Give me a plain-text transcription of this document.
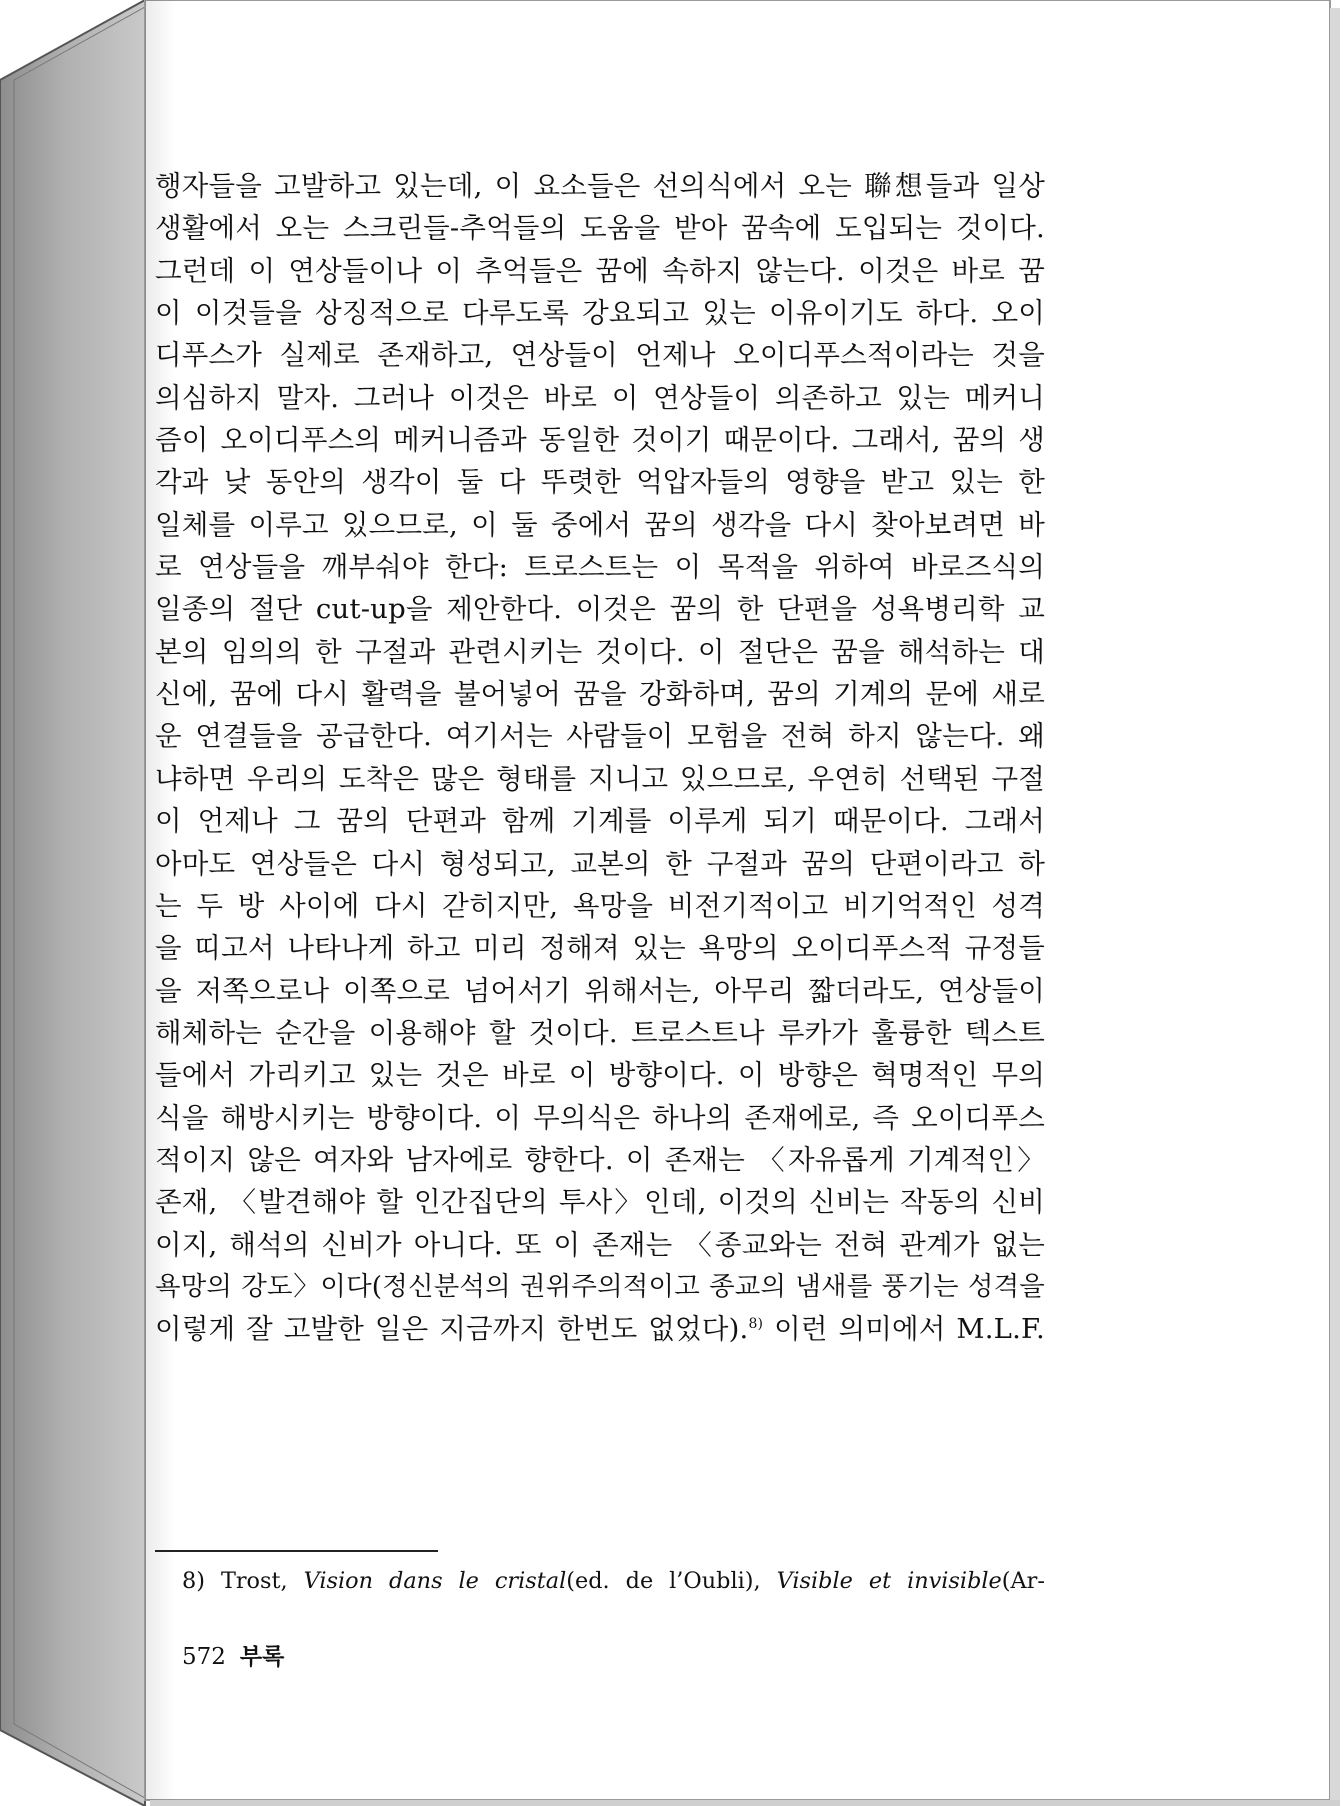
행자들을 고발하고 있는데, 이 요소들은 선의식에서 오는 聯想들과 일상
생활에서 오는 스크린들-추억들의 도움을 받아 꿈속에 도입되는 것이다.
그런데 이 연상들이나 이 추억들은 꿈에 속하지 않는다. 이것은 바로 꿈
이 이것들을 상징적으로 다루도록 강요되고 있는 이유이기도 하다. 오이
디푸스가 실제로 존재하고, 연상들이 언제나 오이디푸스적이라는 것을
의심하지 말자. 그러나 이것은 바로 이 연상들이 의존하고 있는 메커니
즘이 오이디푸스의 메커니즘과 동일한 것이기 때문이다. 그래서, 꿈의 생
각과 낮 동안의 생각이 둘 다 뚜렷한 억압자들의 영향을 받고 있는 한
일체를 이루고 있으므로, 이 둘 중에서 꿈의 생각을 다시 찾아보려면 바
로 연상들을 깨부숴야 한다: 트로스트는 이 목적을 위하여 바로즈식의
일종의 절단 cut-up을 제안한다. 이것은 꿈의 한 단편을 성욕병리학 교
본의 임의의 한 구절과 관련시키는 것이다. 이 절단은 꿈을 해석하는 대
신에, 꿈에 다시 활력을 불어넣어 꿈을 강화하며, 꿈의 기계의 문에 새로
운 연결들을 공급한다. 여기서는 사람들이 모험을 전혀 하지 않는다. 왜
냐하면 우리의 도착은 많은 형태를 지니고 있으므로, 우연히 선택된 구절
이 언제나 그 꿈의 단편과 함께 기계를 이루게 되기 때문이다. 그래서
아마도 연상들은 다시 형성되고, 교본의 한 구절과 꿈의 단편이라고 하
는 두 방 사이에 다시 갇히지만, 욕망을 비전기적이고 비기억적인 성격
을 띠고서 나타나게 하고 미리 정해져 있는 욕망의 오이디푸스적 규정들
을 저쪽으로나 이쪽으로 넘어서기 위해서는, 아무리 짧더라도, 연상들이
해체하는 순간을 이용해야 할 것이다. 트로스트나 루카가 훌륭한 텍스트
들에서 가리키고 있는 것은 바로 이 방향이다. 이 방향은 혁명적인 무의
식을 해방시키는 방향이다. 이 무의식은 하나의 존재에로, 즉 오이디푸스
적이지 않은 여자와 남자에로 향한다. 이 존재는 〈자유롭게 기계적인〉
존재, 〈발견해야 할 인간집단의 투사〉인데, 이것의 신비는 작동의 신비
이지, 해석의 신비가 아니다. 또 이 존재는 〈종교와는 전혀 관계가 없는
욕망의 강도〉이다(정신분석의 권위주의적이고 종교의 냄새를 풍기는 성격을
이렇게 잘 고발한 일은 지금까지 한번도 없었다).$^{8)}$ 이런 의미에서 M.L.F.
8) Trost, Vision dans le cristal(ed. de l’Oubli), Visible et invisible(Ar-
572 부록
